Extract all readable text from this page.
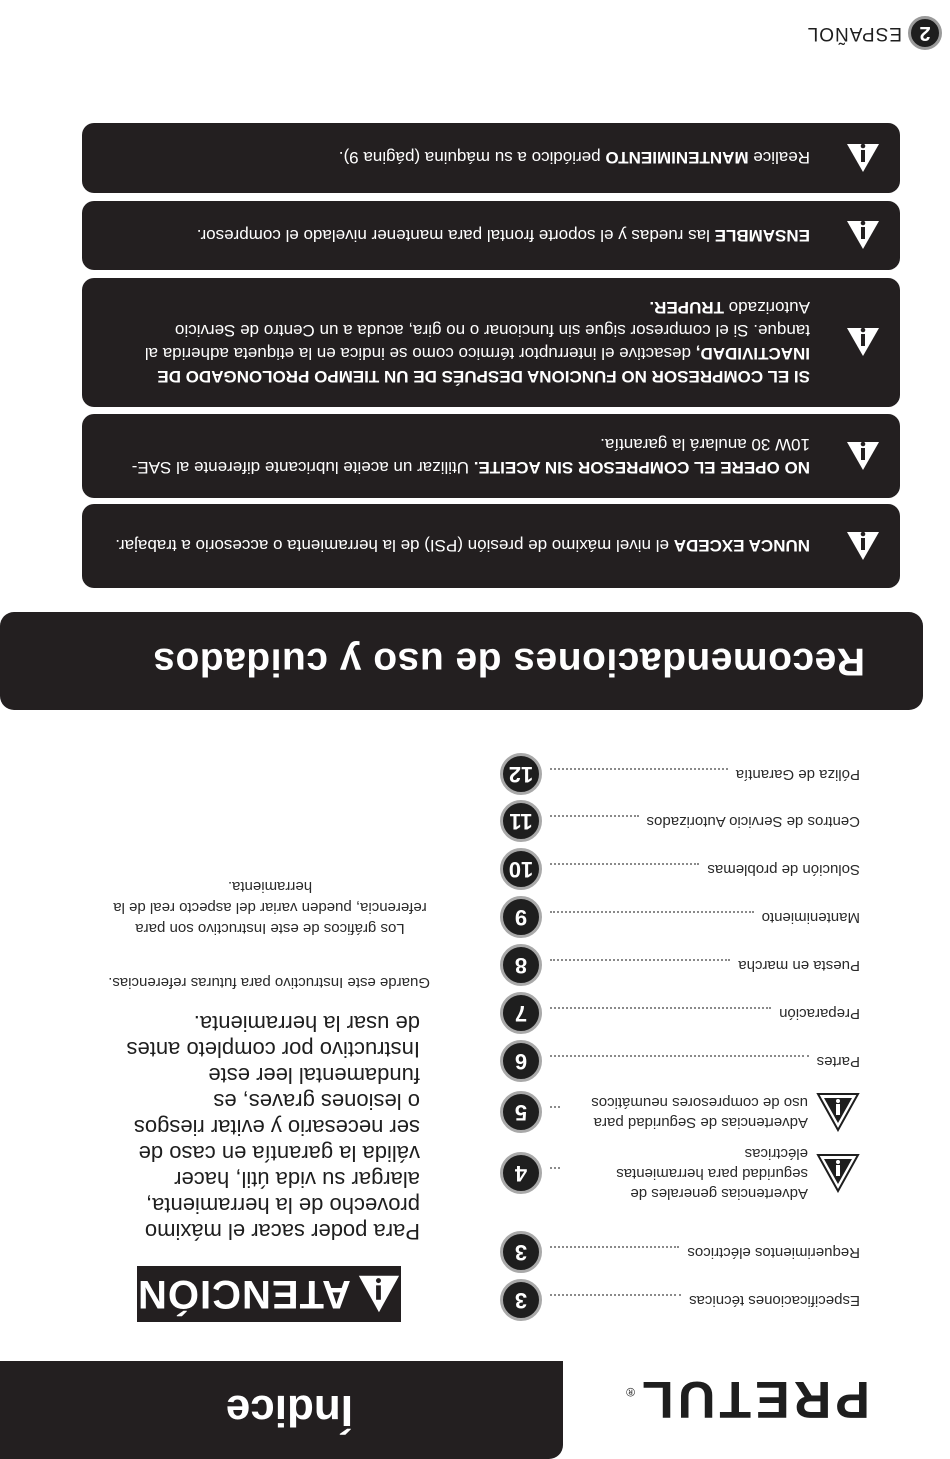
2
ESPAÑOL
Realice MANTENIMIENTO periódico a su máquina (página 9).
ENSAMBLE las ruedas y el soporte frontal para mantener nivelado el compresor.
SI EL COMPRESOR NO FUNCIONA DESPUÉS DE UN TIEMPO PROLONGADO DE INACTIVIDAD, desactive el interruptor térmico como se indica en la etiqueta adherida al tanque. Si el compresor sigue sin funcionar o no gira, acuda a un Centro de Servicio Autorizado TRUPER.
NO OPERE EL COMPRESOR SIN ACEITE. Utilizar un aceite lubricante diferente al SAE-10W 30 anulará la garantía.
NUNCA EXCEDA el nivel máximo de presión (PSI) de la herramienta o accesorio a trabajar.
Recomendaciones de uso y cuidados
Póliza de Garantía
12
Centros de Servicio Autorizados
11
Solución de problemas
10
Mantenimiento
9
Puesta en marcha
8
Preparación
7
Partes
6
Advertencias de Seguridad para uso de compresores neumáticos
5
Advertencias generales de seguridad para herramientas eléctricas
4
Requerimientos eléctricos
3
Especificaciones técnicas
3
ATENCIÓN
Para poder sacar el máximo provecho de la herramienta, alargar su vida útil, hacer válida la garantía en caso de ser necesario y evitar riesgos o lesiones graves, es fundamental leer este Instructivo por completo antes de usar la herramienta.
Guarde este Instructivo para futuras referencias.
Los gráficos de este Instructivo son para referencia, pueden variar del aspecto real de la herramienta.
PRETUL
®
Índice
